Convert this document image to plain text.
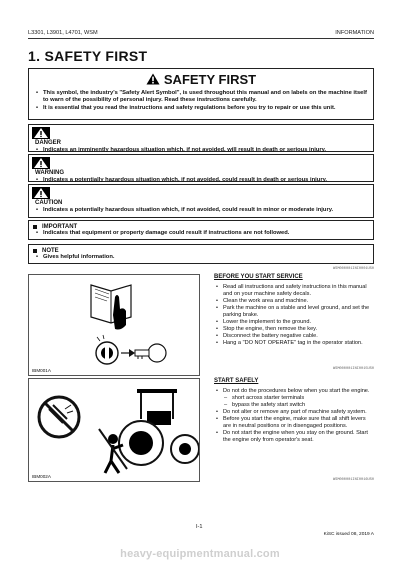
L3301, L3901, L4701, WSM	INFORMATION
1. SAFETY FIRST
SAFETY FIRST
• This symbol, the industry's "Safety Alert Symbol", is used throughout this manual and on labels on the machine itself to warn of the possibility of personal injury. Read these instructions carefully.
• It is essential that you read the instructions and safety regulations before you try to repair or use this unit.
DANGER
• Indicates an imminently hazardous situation which, if not avoided, will result in death or serious injury.
WARNING
• Indicates a potentially hazardous situation which, if not avoided, could result in death or serious injury.
CAUTION
• Indicates a potentially hazardous situation which, if not avoided, could result in minor or moderate injury.
IMPORTANT
• Indicates that equipment or property damage could result if instructions are not followed.
NOTE
• Gives helpful information.
WSM000001INI0001US0
IBM001A
BEFORE YOU START SERVICE
• Read all instructions and safety instructions in this manual and on your machine safety decals.
• Clean the work area and machine.
• Park the machine on a stable and level ground, and set the parking brake.
• Lower the implement to the ground.
• Stop the engine, then remove the key.
• Disconnect the battery negative cable.
• Hang a "DO NOT OPERATE" tag in the operator station.
WSM000001INI0015US0
IBM002A
START SAFELY
• Do not do the procedures below when you start the engine.
– short across starter terminals
– bypass the safety start switch
• Do not alter or remove any part of machine safety system.
• Before you start the engine, make sure that all shift levers are in neutral positions or in disengaged positions.
• Do not start the engine when you stay on the ground. Start the engine only from operator's seat.
WSM000001INI0016US0
I-1
KiSC issued 08, 2019 A
heavy-equipmentmanual.com
